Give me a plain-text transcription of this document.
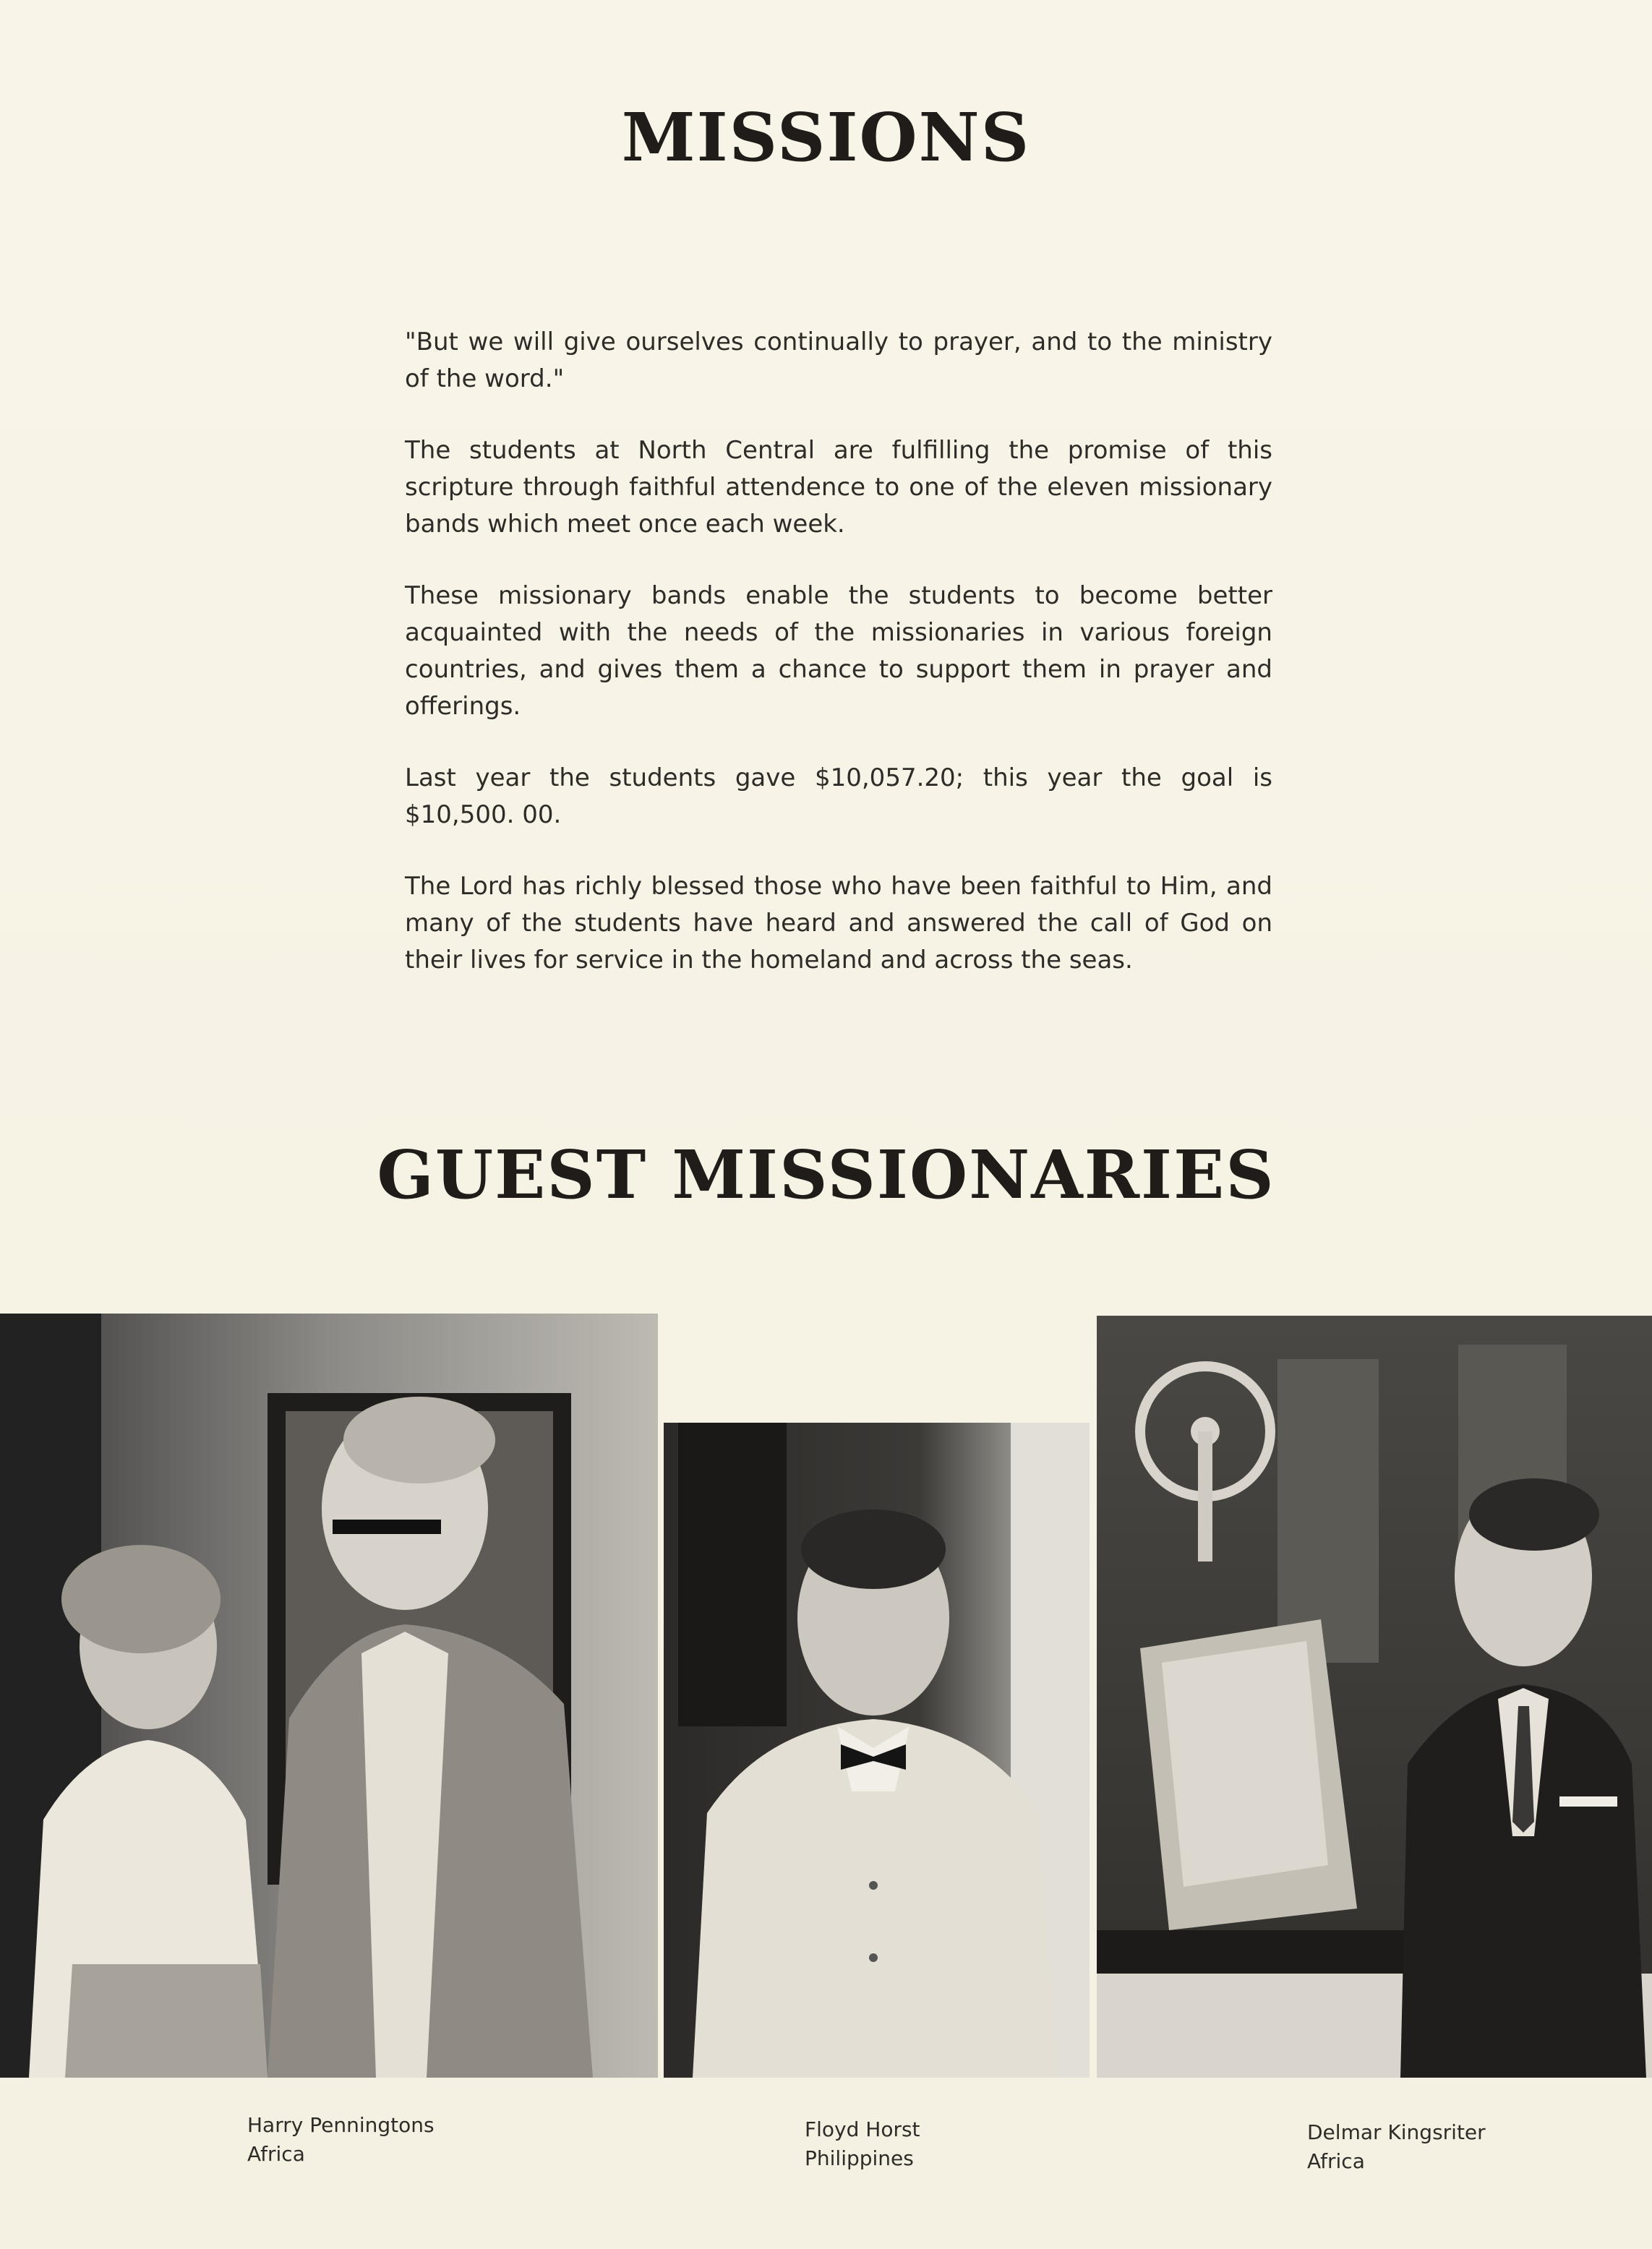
MISSIONS

"But we will give ourselves continually to prayer, and to the ministry of the word."

The students at North Central are fulfilling the promise of this scripture through faithful attendence to one of the eleven missionary bands which meet once each week.

These missionary bands enable the students to become better acquainted with the needs of the missionaries in various foreign countries, and gives them a chance to support them in prayer and offerings.

Last year the students gave $10,057.20; this year the goal is $10,500. 00.

The Lord has richly blessed those who have been faithful to Him, and many of the students have heard and answered the call of God on their lives for service in the homeland and across the seas.

GUEST MISSIONARIES
Harry Penningtons
Africa
Floyd Horst
Philippines
Delmar Kingsriter
Africa
